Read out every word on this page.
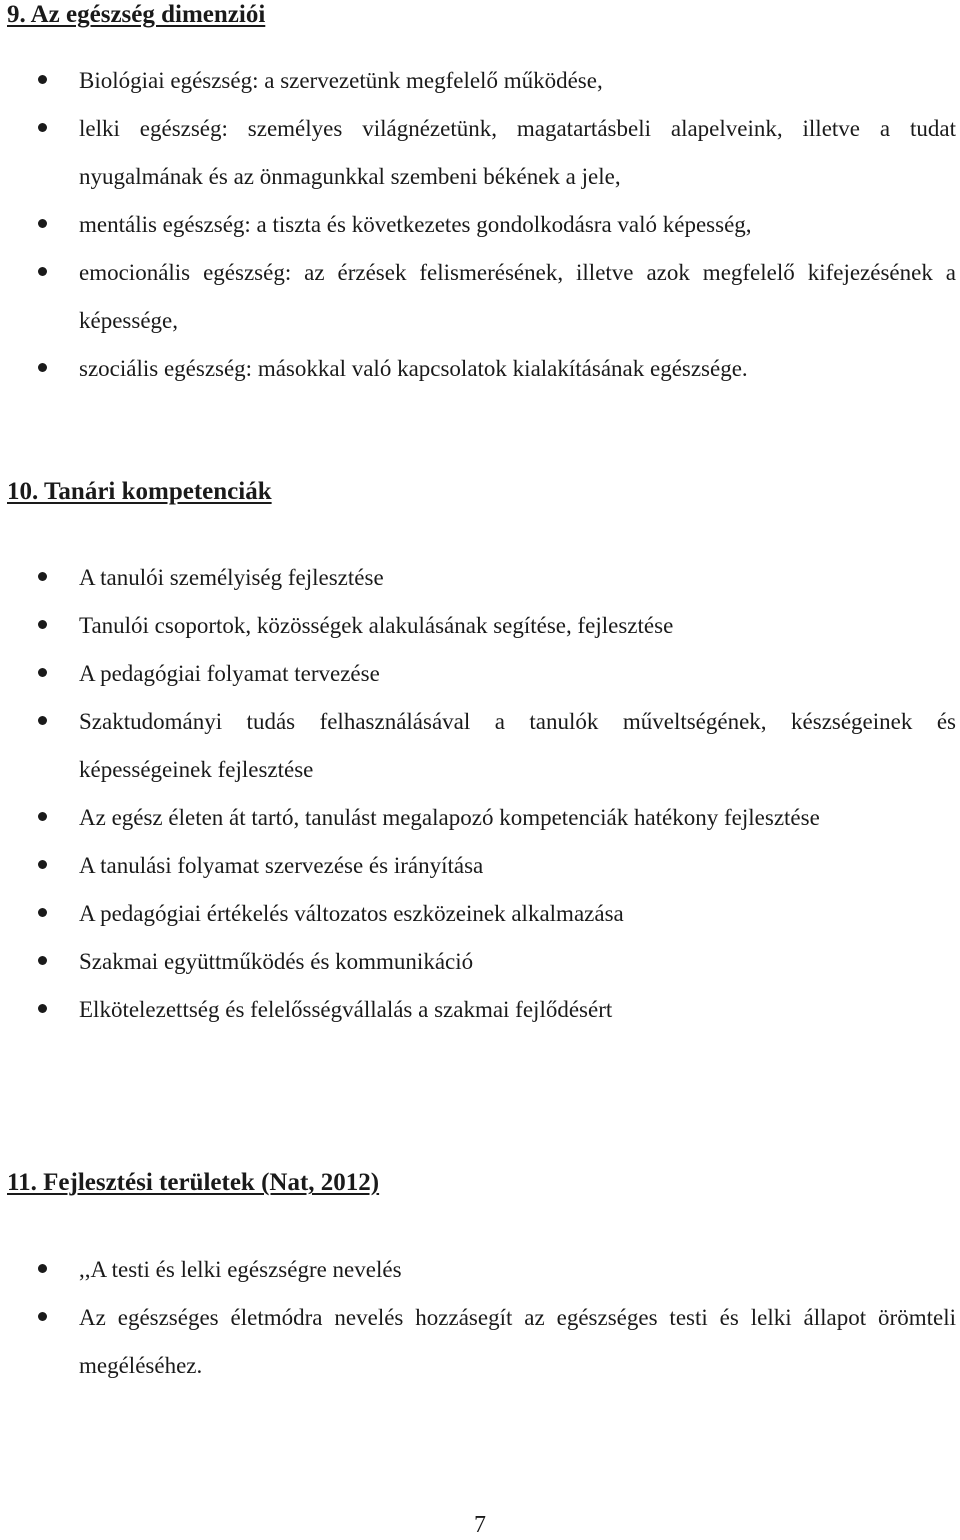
9. Az egészség dimenziói
Biológiai egészség: a szervezetünk megfelelő működése,
lelki egészség: személyes világnézetünk, magatartásbeli alapelveink, illetve a tudat nyugalmának és az önmagunkkal szembeni békének a jele,
mentális egészség: a tiszta és következetes gondolkodásra való képesség,
emocionális egészség: az érzések felismerésének, illetve azok megfelelő kifejezésének a képessége,
szociális egészség: másokkal való kapcsolatok kialakításának egészsége.
10. Tanári kompetenciák
A tanulói személyiség fejlesztése
Tanulói csoportok, közösségek alakulásának segítése, fejlesztése
A pedagógiai folyamat tervezése
Szaktudományi tudás felhasználásával a tanulók műveltségének, készségeinek és képességeinek fejlesztése
Az egész életen át tartó, tanulást megalapozó kompetenciák hatékony fejlesztése
A tanulási folyamat szervezése és irányítása
A pedagógiai értékelés változatos eszközeinek alkalmazása
Szakmai együttműködés és kommunikáció
Elkötelezettség és felelősségvállalás a szakmai fejlődésért
11. Fejlesztési területek (Nat, 2012)
,,A testi és lelki egészségre nevelés
Az egészséges életmódra nevelés hozzásegít az egészséges testi és lelki állapot örömteli megéléséhez.
7
